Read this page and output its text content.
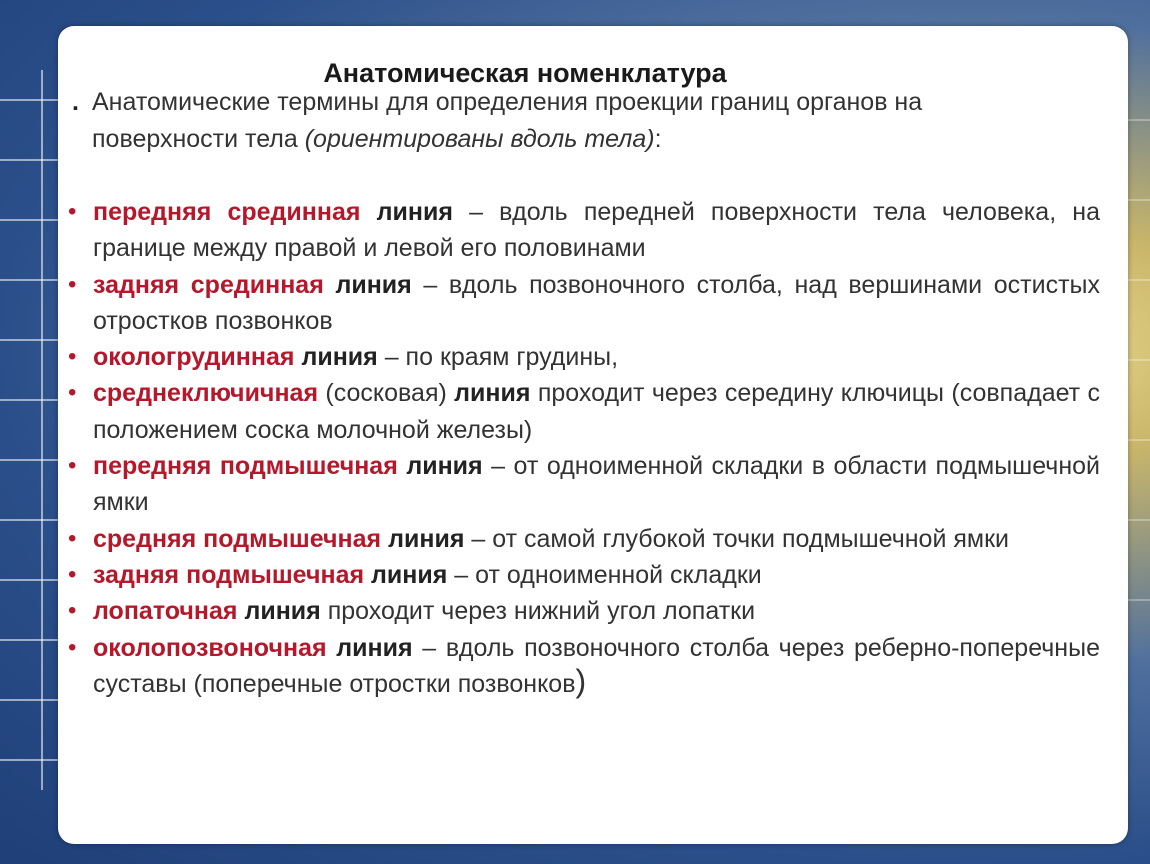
Анатомическая номенклатура
. Анатомические термины для определения проекции границ органов на
поверхности тела (ориентированы вдоль тела):
• передняя срединная линия – вдоль передней поверхности тела человека, на границе между правой и левой его половинами
• задняя срединная линия – вдоль позвоночного столба, над вершинами остистых отростков позвонков
• окологрудинная линия – по краям грудины,
• среднеключичная (сосковая) линия проходит через середину ключицы (совпадает с положением соска молочной железы)
• передняя подмышечная линия – от одноименной складки в области подмышечной ямки
• средняя подмышечная линия – от самой глубокой точки подмышечной ямки
• задняя подмышечная линия – от одноименной складки
• лопаточная линия проходит через нижний угол лопатки
• околопозвоночная линия – вдоль позвоночного столба через реберно-поперечные суставы (поперечные отростки позвонков)
